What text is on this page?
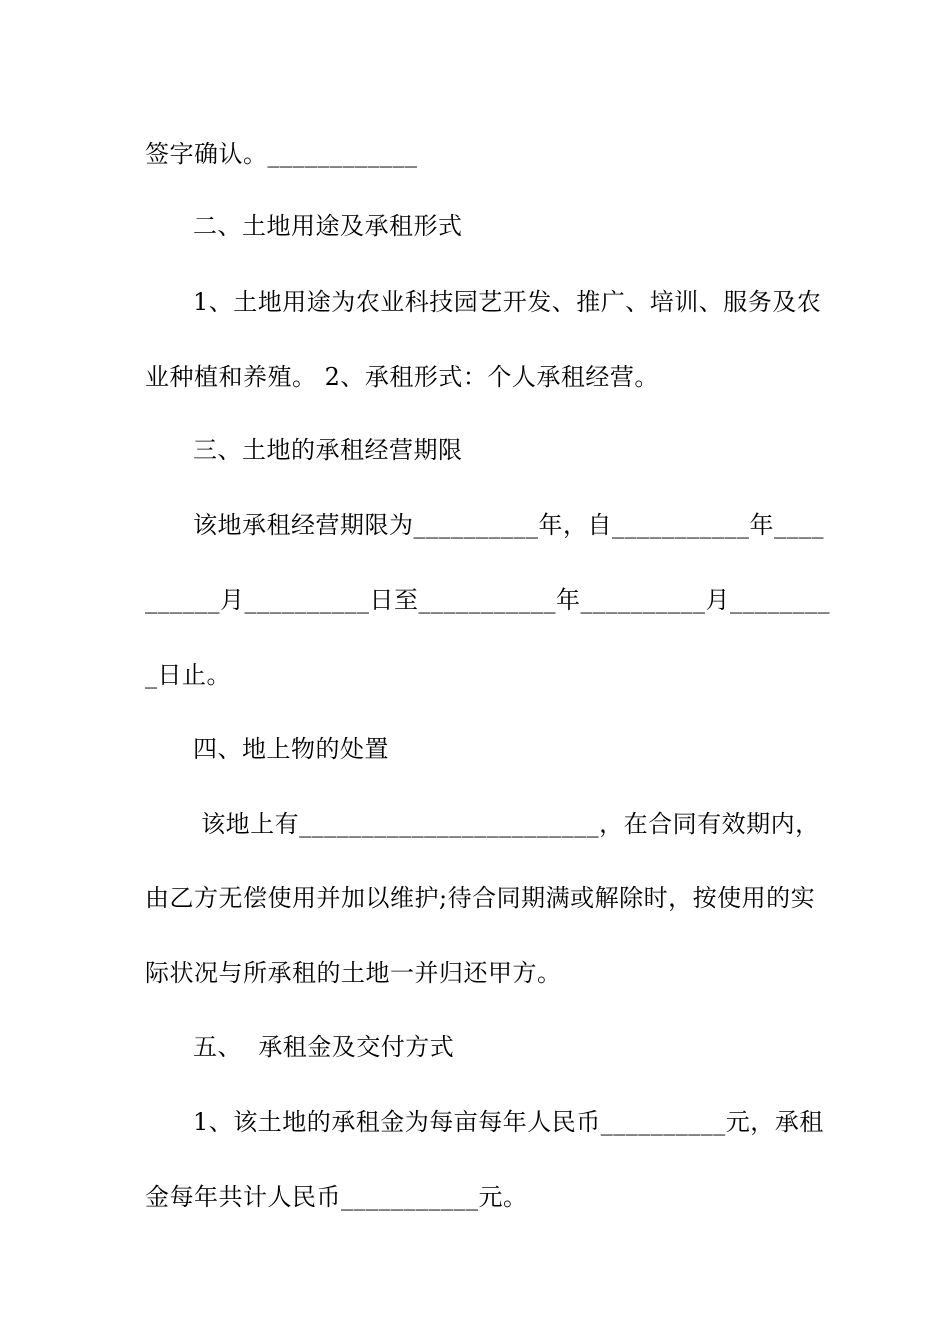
签字确认。____________
二、土地用途及承租形式
1、土地用途为农业科技园艺开发、推广、培训、服务及农
业种植和养殖。 2、承租形式：个人承租经营。
三、土地的承租经营期限
该地承租经营期限为__________年，自___________年____
______月__________日至___________年__________月________
_日止。
四、地上物的处置
该地上有________________________，在合同有效期内，
由乙方无偿使用并加以维护;待合同期满或解除时，按使用的实
际状况与所承租的土地一并归还甲方。
五、  承租金及交付方式
1、该土地的承租金为每亩每年人民币__________元，承租
金每年共计人民币___________元。
